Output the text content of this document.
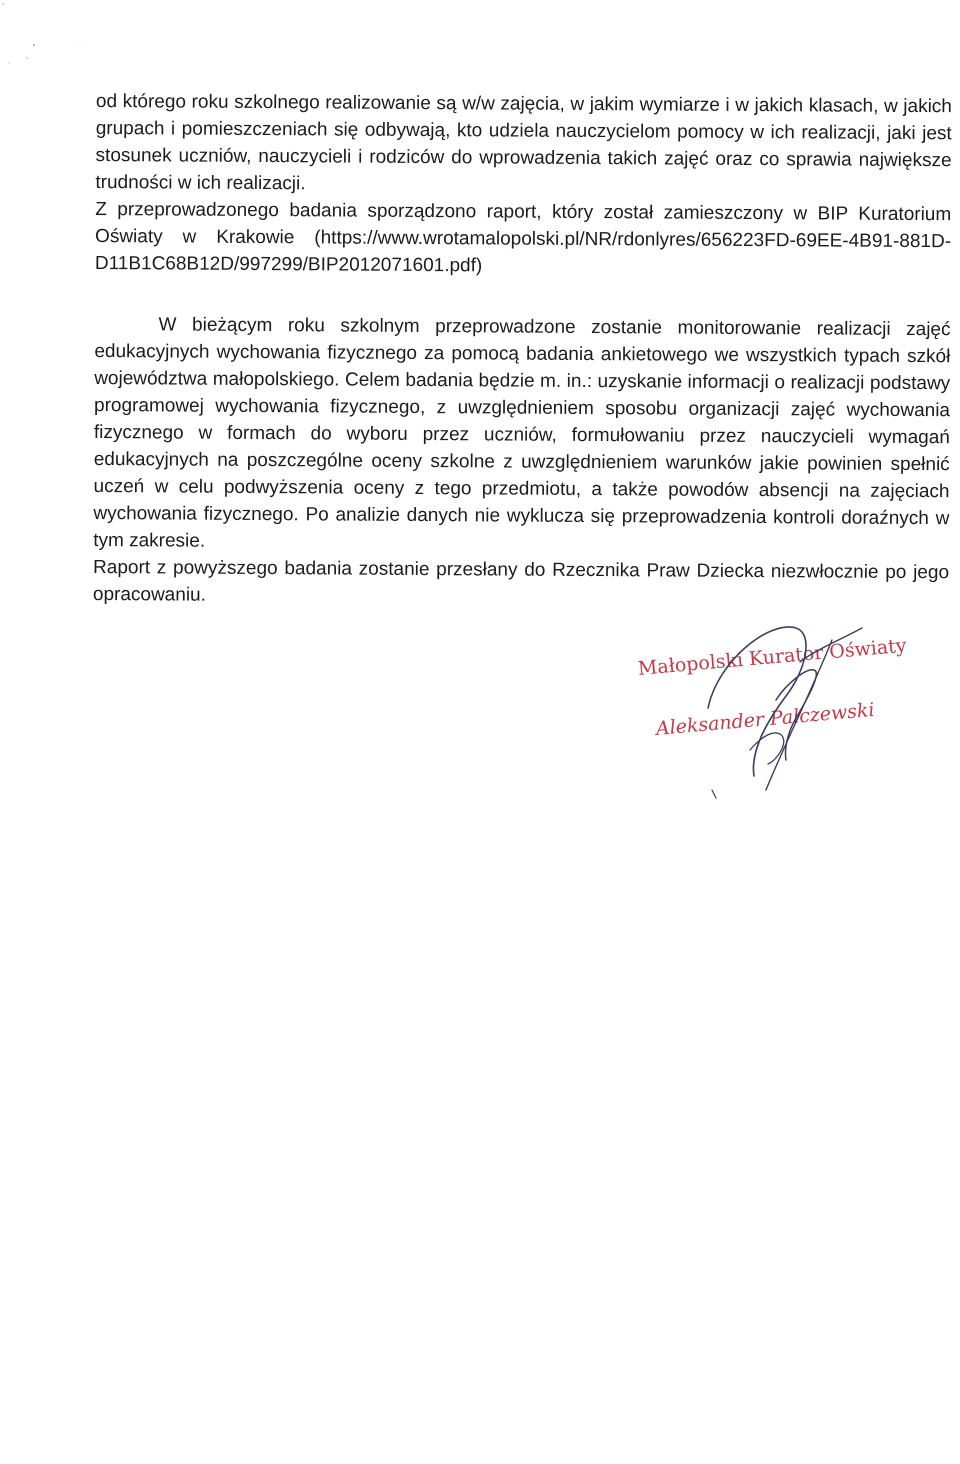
od którego roku szkolnego realizowanie są w/w zajęcia, w jakim wymiarze i w jakich klasach, w jakich grupach i pomieszczeniach się odbywają, kto udziela nauczycielom pomocy w ich realizacji, jaki jest stosunek uczniów, nauczycieli i rodziców do wprowadzenia takich zajęć oraz co sprawia największe trudności w ich realizacji.

Z przeprowadzonego badania sporządzono raport, który został zamieszczony w BIP Kuratorium Oświaty w Krakowie (https://www.wrotamalopolski.pl/NR/rdonlyres/656223FD-69EE-4B91-881D-D11B1C68B12D/997299/BIP2012071601.pdf)

W bieżącym roku szkolnym przeprowadzone zostanie monitorowanie realizacji zajęć edukacyjnych wychowania fizycznego za pomocą badania ankietowego we wszystkich typach szkół województwa małopolskiego. Celem badania będzie m. in.: uzyskanie informacji o realizacji podstawy programowej wychowania fizycznego, z uwzględnieniem sposobu organizacji zajęć wychowania fizycznego w formach do wyboru przez uczniów, formułowaniu przez nauczycieli wymagań edukacyjnych na poszczególne oceny szkolne z uwzględnieniem warunków jakie powinien spełnić uczeń w celu podwyższenia oceny z tego przedmiotu, a także powodów absencji na zajęciach wychowania fizycznego. Po analizie danych nie wyklucza się przeprowadzenia kontroli doraźnych w tym zakresie.

Raport z powyższego badania zostanie przesłany do Rzecznika Praw Dziecka niezwłocznie po jego opracowaniu.

Małopolski Kurator Oświaty
Aleksander Palczewski
